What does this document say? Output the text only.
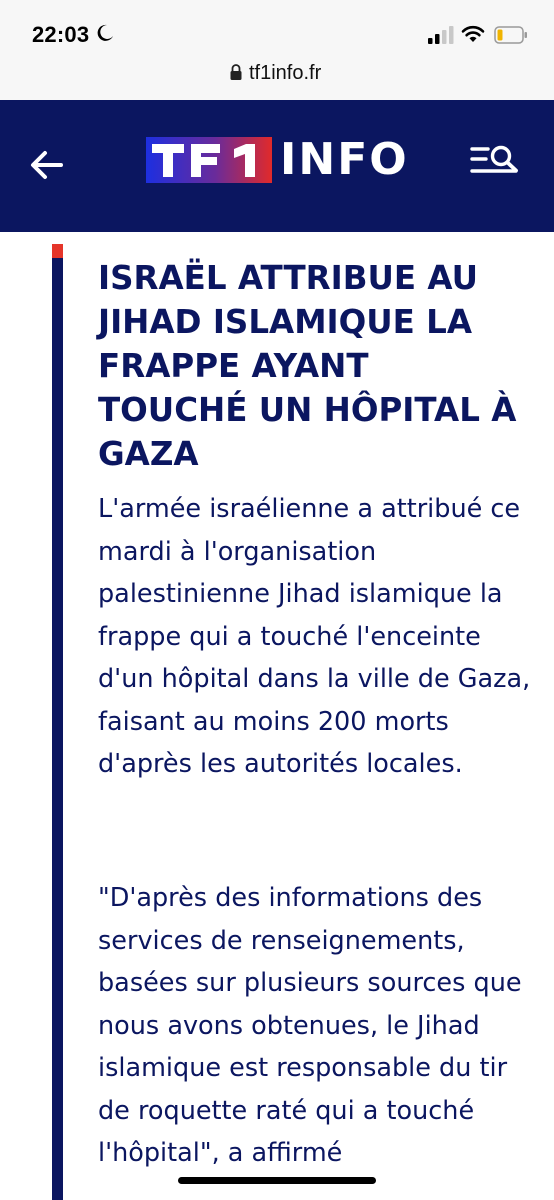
22:03
tf1info.fr
INFO
ISRAËL ATTRIBUE AU JIHAD ISLAMIQUE LA FRAPPE AYANT TOUCHÉ UN HÔPITAL À GAZA

L'armée israélienne a attribué ce mardi à l'organisation palestinienne Jihad islamique la frappe qui a touché l'enceinte d'un hôpital dans la ville de Gaza, faisant au moins 200 morts d'après les autorités locales.

"D'après des informations des services de renseignements, basées sur plusieurs sources que nous avons obtenues, le Jihad islamique est responsable du tir de roquette raté qui a touché l'hôpital", a affirmé
